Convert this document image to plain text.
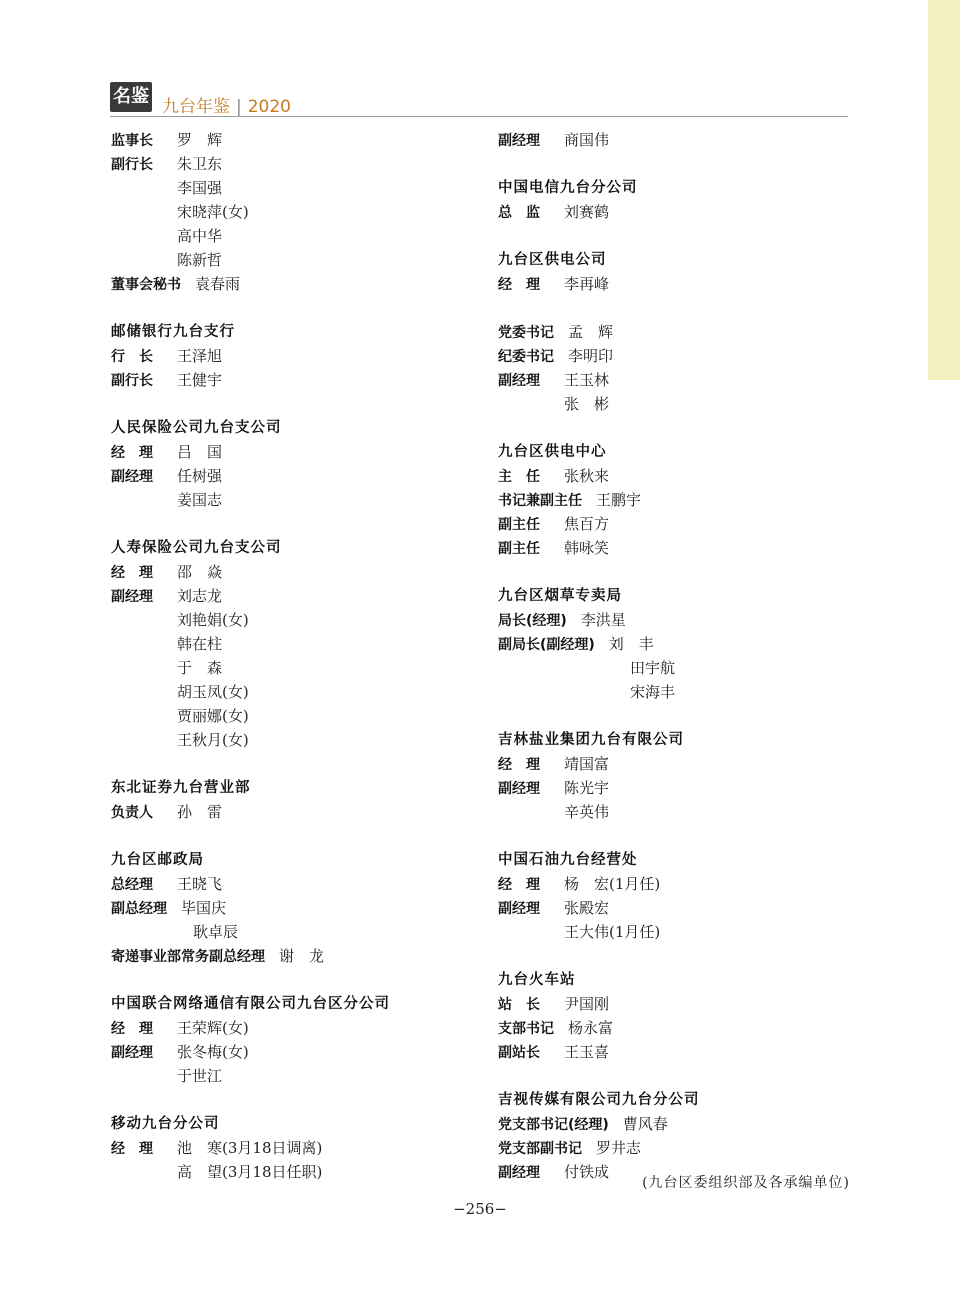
名鉴 九台年鉴 | 2020
监事长 罗　辉
副行长 朱卫东
李国强
宋晓萍(女)
高中华
陈新哲
董事会秘书 袁春雨
邮储银行九台支行
行　长 王泽旭
副行长 王健宇
人民保险公司九台支公司
经　理 吕　国
副经理 任树强
姜国志
人寿保险公司九台支公司
经　理 邵　焱
副经理 刘志龙
刘艳娟(女)
韩在柱
于　森
胡玉凤(女)
贾丽娜(女)
王秋月(女)
东北证券九台营业部
负责人 孙　雷
九台区邮政局
总经理 王晓飞
副总经理 毕国庆
耿卓辰
寄递事业部常务副总经理 谢　龙
中国联合网络通信有限公司九台区分公司
经　理 王荣辉(女)
副经理 张冬梅(女)
于世江
移动九台分公司
经　理 池　寒(3月18日调离)
高　望(3月18日任职)
副经理 商国伟
中国电信九台分公司
总　监 刘赛鹤
九台区供电公司
经　理 李再峰
党委书记 孟　辉
纪委书记 李明印
副经理 王玉林
张　彬
九台区供电中心
主　任 张秋来
书记兼副主任 王鹏宇
副主任 焦百方
副主任 韩咏笑
九台区烟草专卖局
局长(经理) 李洪星
副局长(副经理) 刘　丰
田宇航
宋海丰
吉林盐业集团九台有限公司
经　理 靖国富
副经理 陈光宇
辛英伟
中国石油九台经营处
经　理 杨　宏(1月任)
副经理 张殿宏
王大伟(1月任)
九台火车站
站　长 尹国刚
支部书记 杨永富
副站长 王玉喜
吉视传媒有限公司九台分公司
党支部书记(经理) 曹风春
党支部副书记 罗井志
副经理 付铁成
(九台区委组织部及各承编单位)
−256−
